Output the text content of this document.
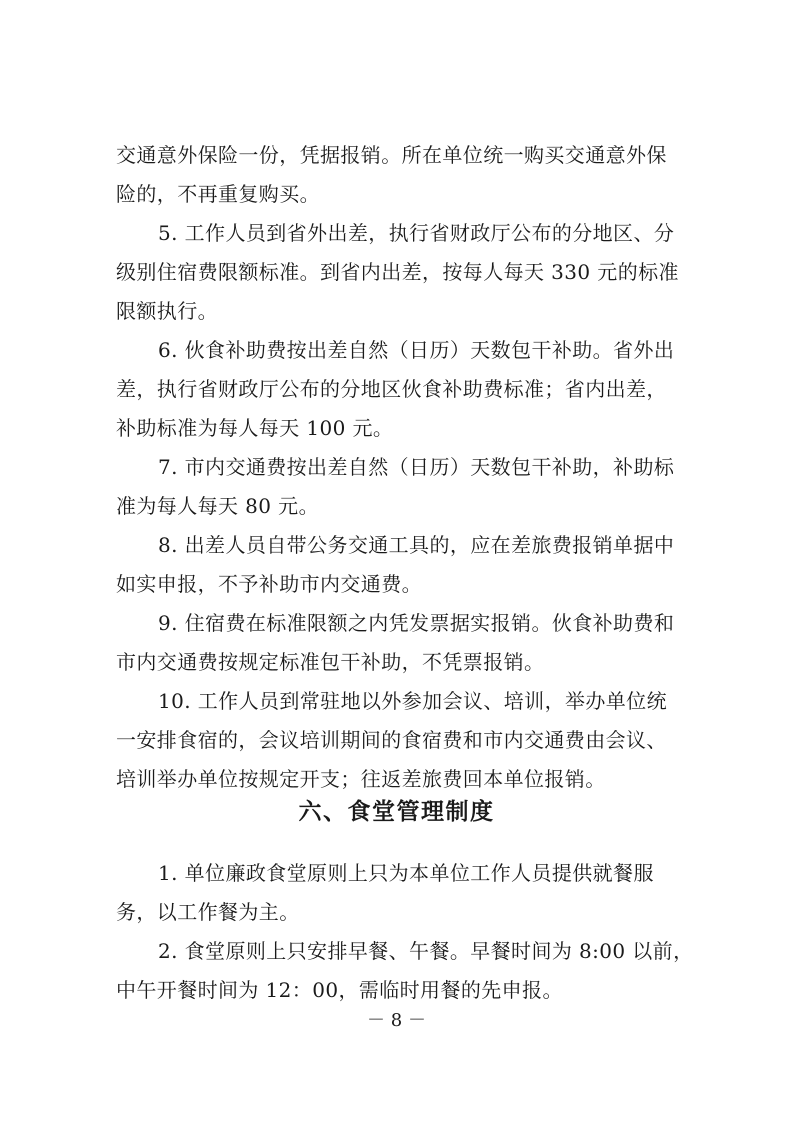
交通意外保险一份，凭据报销。所在单位统一购买交通意外保
险的，不再重复购买。
5. 工作人员到省外出差，执行省财政厅公布的分地区、分
级别住宿费限额标准。到省内出差，按每人每天 330 元的标准
限额执行。
6. 伙食补助费按出差自然（日历）天数包干补助。省外出
差，执行省财政厅公布的分地区伙食补助费标准；省内出差，
补助标准为每人每天 100 元。
7. 市内交通费按出差自然（日历）天数包干补助，补助标
准为每人每天 80 元。
8. 出差人员自带公务交通工具的，应在差旅费报销单据中
如实申报，不予补助市内交通费。
9. 住宿费在标准限额之内凭发票据实报销。伙食补助费和
市内交通费按规定标准包干补助，不凭票报销。
10. 工作人员到常驻地以外参加会议、培训，举办单位统
一安排食宿的，会议培训期间的食宿费和市内交通费由会议、
培训举办单位按规定开支；往返差旅费回本单位报销。
六、食堂管理制度
1. 单位廉政食堂原则上只为本单位工作人员提供就餐服
务，以工作餐为主。
2. 食堂原则上只安排早餐、午餐。早餐时间为 8:00 以前，
中午开餐时间为 12：00，需临时用餐的先申报。
－ 8 －
